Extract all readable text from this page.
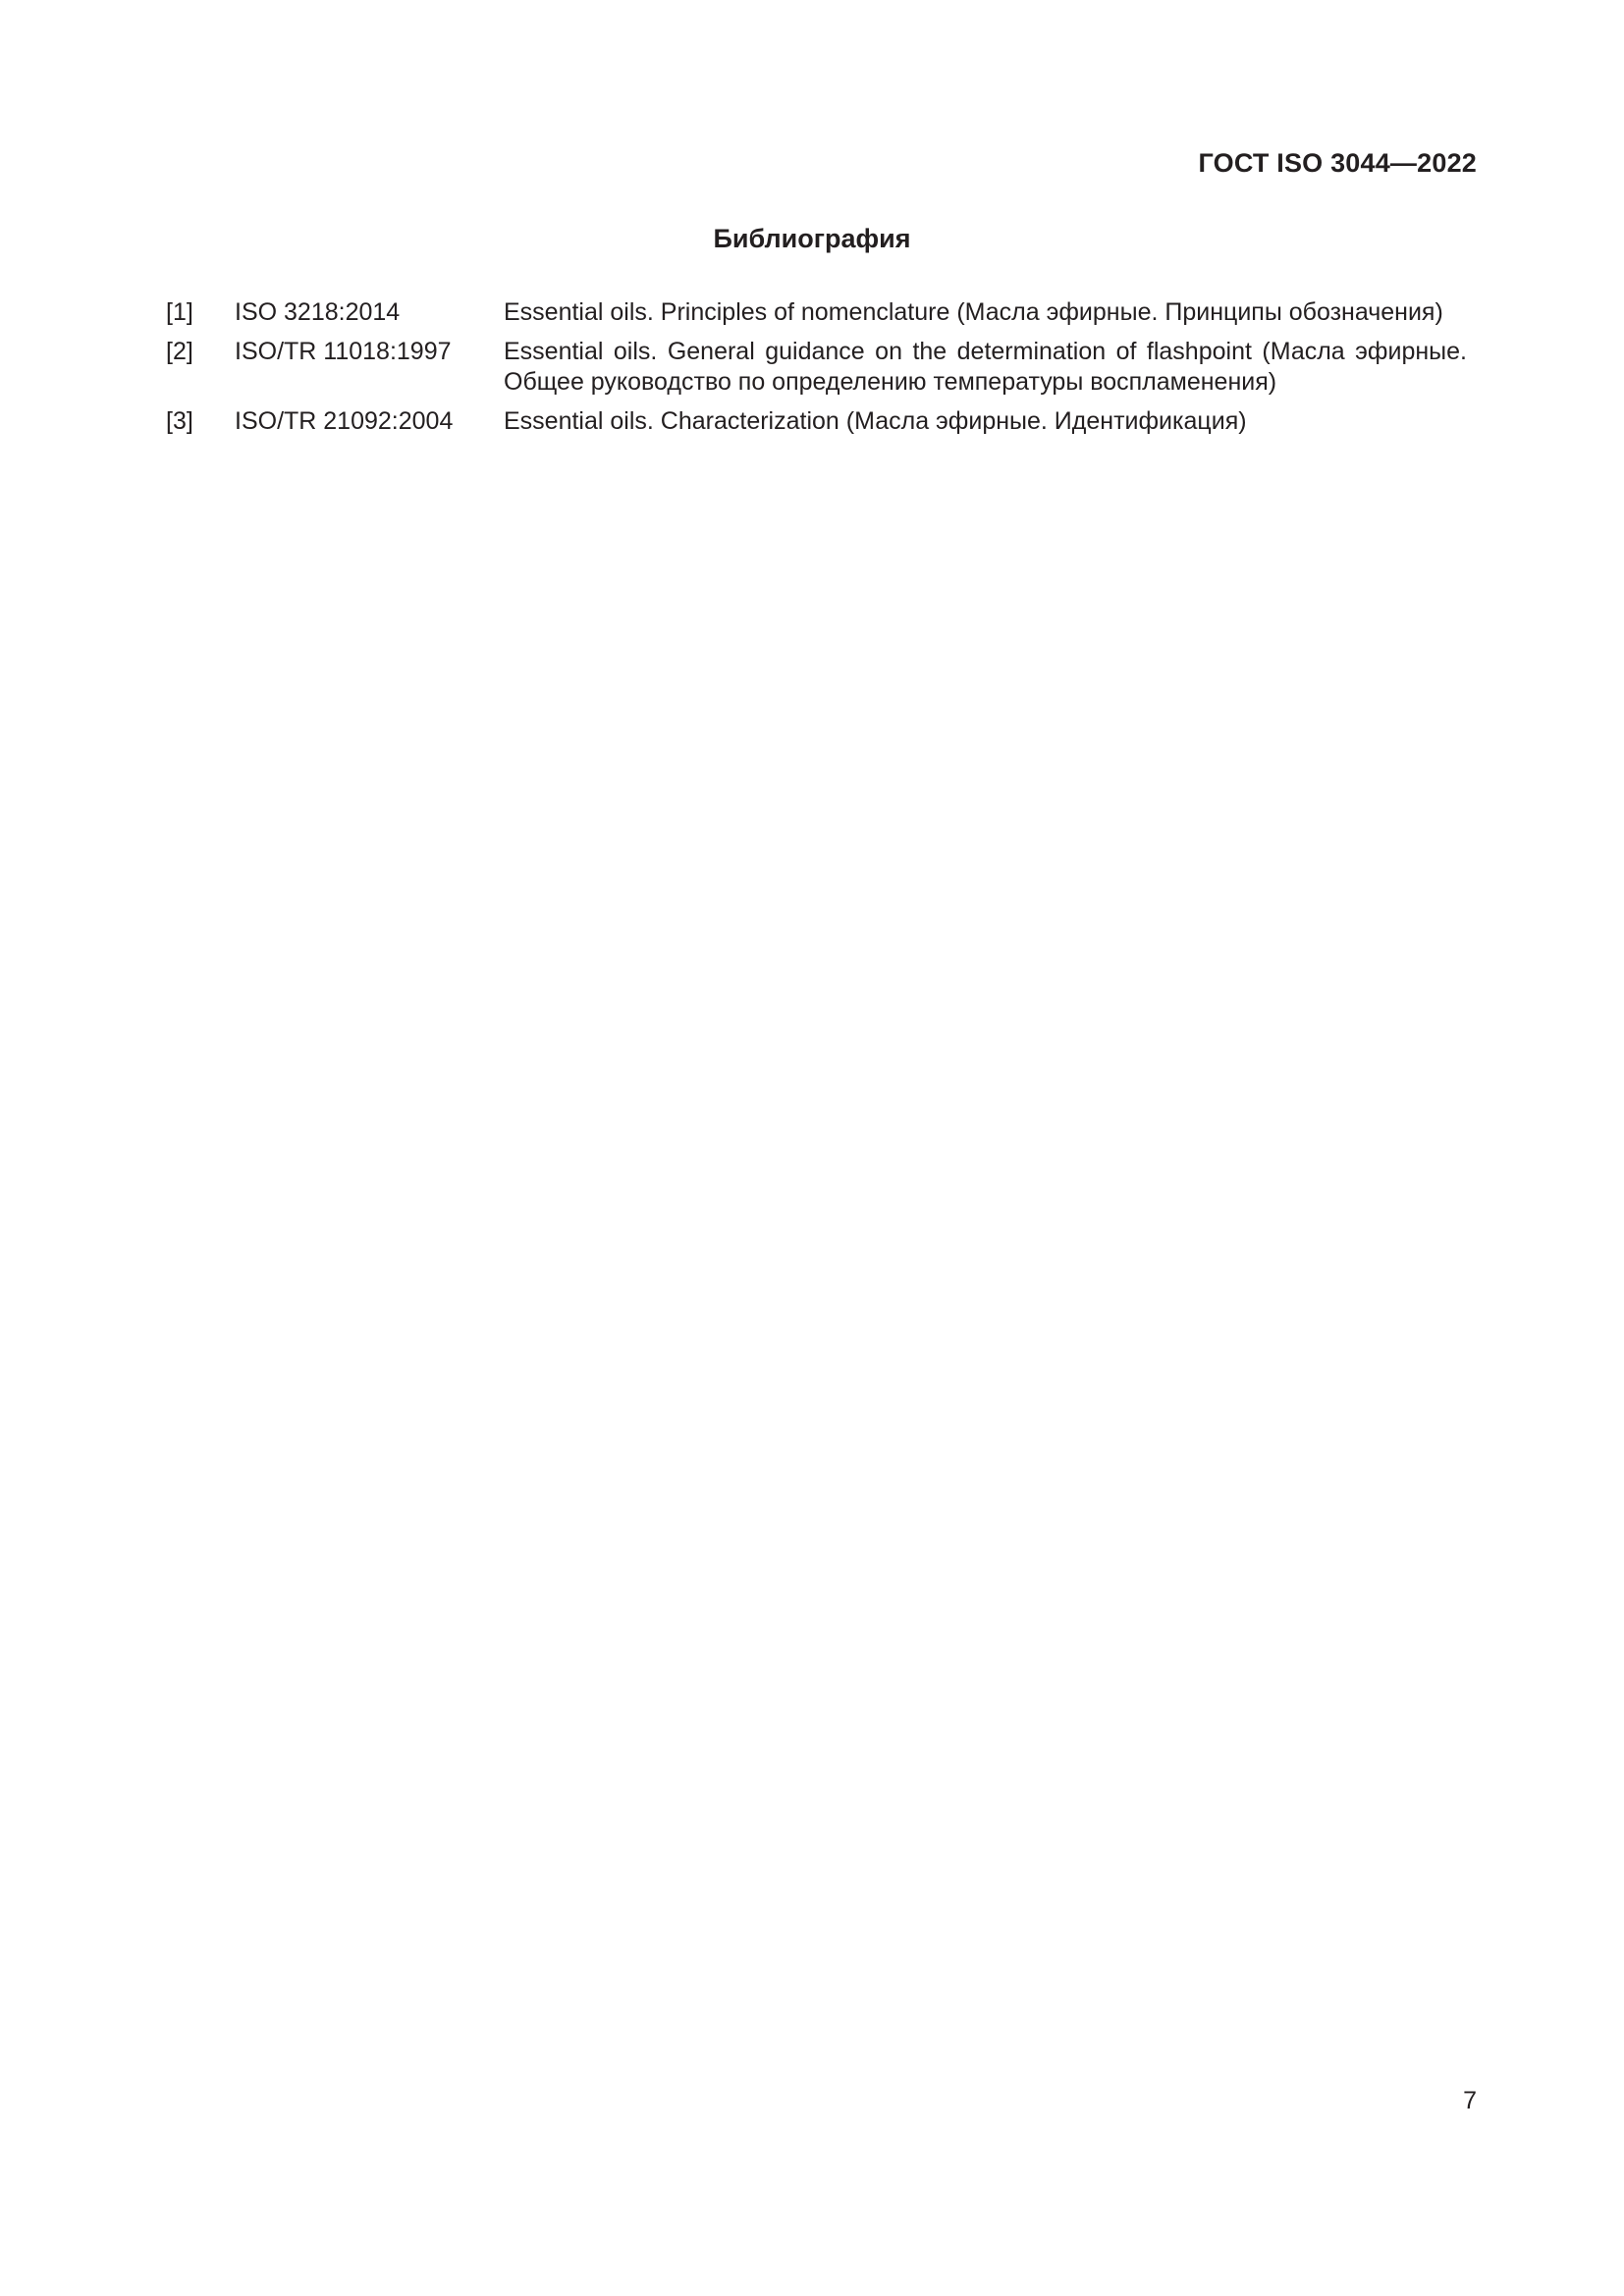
ГОСТ ISO 3044—2022
Библиография
[1] ISO 3218:2014	Essential oils. Principles of nomenclature (Масла эфирные. Принципы обозначения)
[2] ISO/TR 11018:1997 Essential oils. General guidance on the determination of flashpoint (Масла эфирные. Общее руководство по определению температуры воспламенения)
[3] ISO/TR 21092:2004 Essential oils. Characterization (Масла эфирные. Идентификация)
7
